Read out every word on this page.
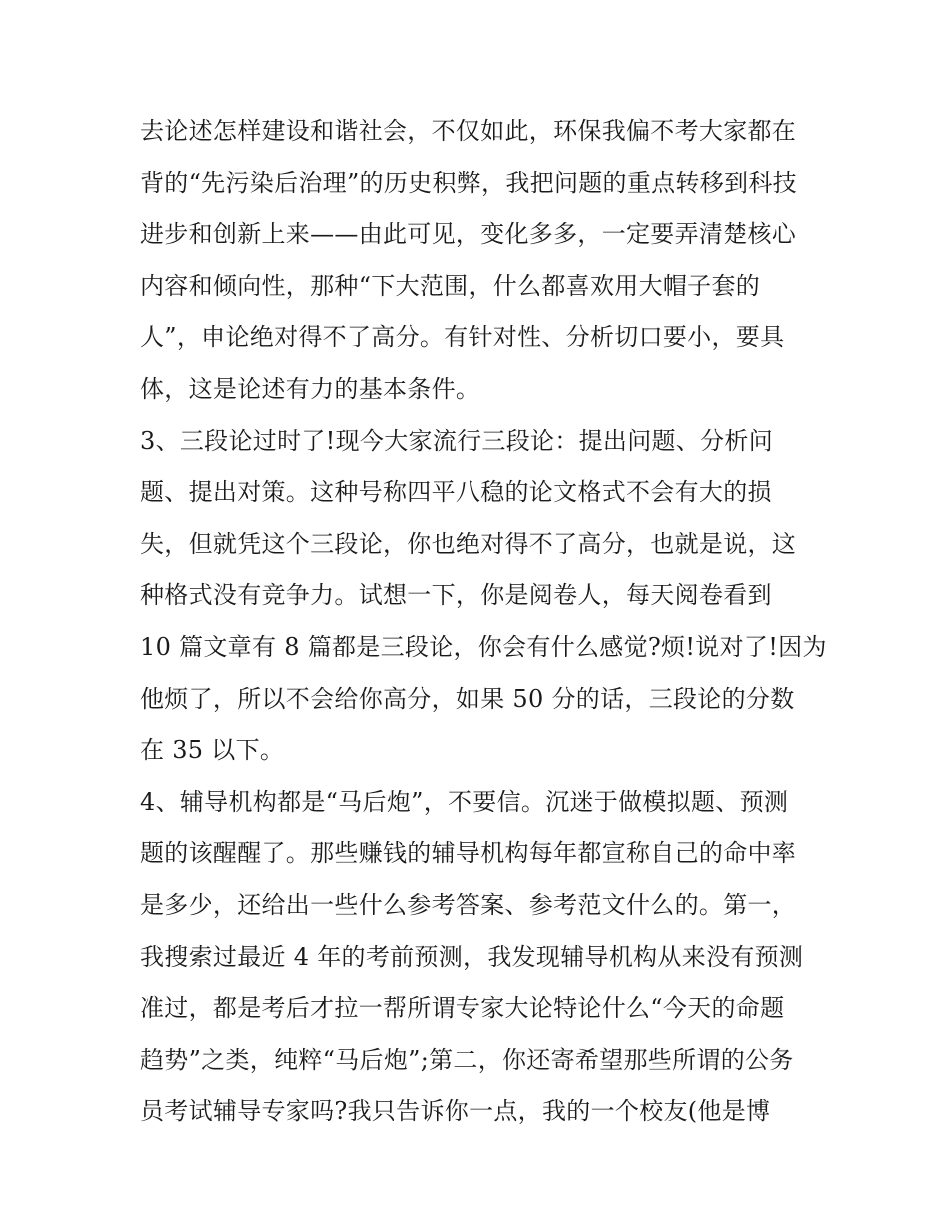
去论述怎样建设和谐社会，不仅如此，环保我偏不考大家都在
背的“先污染后治理”的历史积弊，我把问题的重点转移到科技
进步和创新上来——由此可见，变化多多，一定要弄清楚核心
内容和倾向性，那种“下大范围，什么都喜欢用大帽子套的
人”，申论绝对得不了高分。有针对性、分析切口要小，要具
体，这是论述有力的基本条件。
3、三段论过时了!现今大家流行三段论：提出问题、分析问
题、提出对策。这种号称四平八稳的论文格式不会有大的损
失，但就凭这个三段论，你也绝对得不了高分，也就是说，这
种格式没有竞争力。试想一下，你是阅卷人，每天阅卷看到
10 篇文章有 8 篇都是三段论，你会有什么感觉?烦!说对了!因为
他烦了，所以不会给你高分，如果 50 分的话，三段论的分数
在 35 以下。
4、辅导机构都是“马后炮”，不要信。沉迷于做模拟题、预测
题的该醒醒了。那些赚钱的辅导机构每年都宣称自己的命中率
是多少，还给出一些什么参考答案、参考范文什么的。第一，
我搜索过最近 4 年的考前预测，我发现辅导机构从来没有预测
准过，都是考后才拉一帮所谓专家大论特论什么“今天的命题
趋势”之类，纯粹“马后炮”;第二，你还寄希望那些所谓的公务
员考试辅导专家吗?我只告诉你一点，我的一个校友(他是博
